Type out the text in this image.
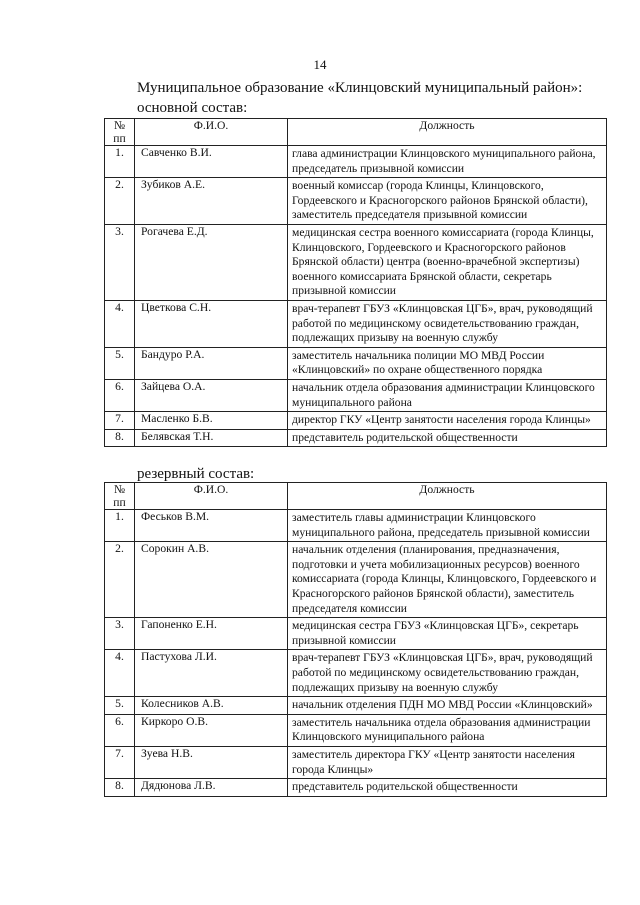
14
Муниципальное образование «Клинцовский муниципальный район»:
основной состав:
№ пп	Ф.И.О.	Должность
1.	Савченко В.И.	глава администрации Клинцовского муниципального района, председатель призывной комиссии
2.	Зубиков А.Е.	военный комиссар (города Клинцы, Клинцовского, Гордеевского и Красногорского районов Брянской области), заместитель председателя призывной комиссии
3.	Рогачева Е.Д.	медицинская сестра военного комиссариата (города Клинцы, Клинцовского, Гордеевского и Красногорского районов Брянской области) центра (военно-врачебной экспертизы) военного комиссариата Брянской области, секретарь призывной комиссии
4.	Цветкова С.Н.	врач-терапевт ГБУЗ «Клинцовская ЦГБ», врач, руководящий работой по медицинскому освидетельствованию граждан, подлежащих призыву на военную службу
5.	Бандуро Р.А.	заместитель начальника полиции МО МВД России «Клинцовский» по охране общественного порядка
6.	Зайцева О.А.	начальник отдела образования администрации Клинцовского муниципального района
7.	Масленко Б.В.	директор ГКУ «Центр занятости населения города Клинцы»
8.	Белявская Т.Н.	представитель родительской общественности
резервный состав:
№ пп	Ф.И.О.	Должность
1.	Феськов В.М.	заместитель главы администрации Клинцовского муниципального района, председатель призывной комиссии
2.	Сорокин А.В.	начальник отделения (планирования, предназначения, подготовки и учета мобилизационных ресурсов) военного комиссариата (города Клинцы, Клинцовского, Гордеевского и Красногорского районов Брянской области), заместитель председателя комиссии
3.	Гапоненко Е.Н.	медицинская сестра ГБУЗ «Клинцовская ЦГБ», секретарь призывной комиссии
4.	Пастухова Л.И.	врач-терапевт ГБУЗ «Клинцовская ЦГБ», врач, руководящий работой по медицинскому освидетельствованию граждан, подлежащих призыву на военную службу
5.	Колесников А.В.	начальник отделения ПДН МО МВД России «Клинцовский»
6.	Киркоро О.В.	заместитель начальника отдела образования администрации Клинцовского муниципального района
7.	Зуева Н.В.	заместитель директора ГКУ «Центр занятости населения города Клинцы»
8.	Дядюнова Л.В.	представитель родительской общественности
